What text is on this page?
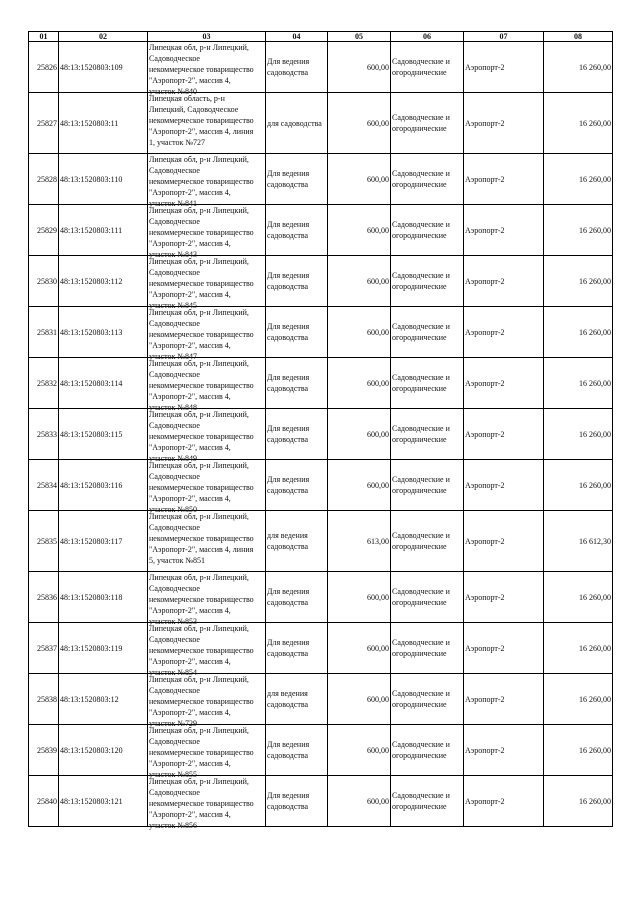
01	02	03	04	05	06	07	08
25826	48:13:1520803:109	Липецкая обл, р-н Липецкий,
Садоводческое
некоммерческое товарищество
"Аэропорт-2", массив 4,
участок №840	Для ведения
садоводства	600,00	Садоводческие и
огороднические	Аэропорт-2	16 260,00
25827	48:13:1520803:11	Липецкая область, р-н
Липецкий, Садоводческое
некоммерческое товарищество
"Аэропорт-2", массив 4, линия
1, участок №727	для садоводства	600,00	Садоводческие и
огороднические	Аэропорт-2	16 260,00
25828	48:13:1520803:110	Липецкая обл, р-н Липецкий,
Садоводческое
некоммерческое товарищество
"Аэропорт-2", массив 4,
участок №841	Для ведения
садоводства	600,00	Садоводческие и
огороднические	Аэропорт-2	16 260,00
25829	48:13:1520803:111	Липецкая обл, р-н Липецкий,
Садоводческое
некоммерческое товарищество
"Аэропорт-2", массив 4,
участок №843	Для ведения
садоводства	600,00	Садоводческие и
огороднические	Аэропорт-2	16 260,00
25830	48:13:1520803:112	Липецкая обл, р-н Липецкий,
Садоводческое
некоммерческое товарищество
"Аэропорт-2", массив 4,
участок №845	Для ведения
садоводства	600,00	Садоводческие и
огороднические	Аэропорт-2	16 260,00
25831	48:13:1520803:113	Липецкая обл, р-н Липецкий,
Садоводческое
некоммерческое товарищество
"Аэропорт-2", массив 4,
участок №847	Для ведения
садоводства	600,00	Садоводческие и
огороднические	Аэропорт-2	16 260,00
25832	48:13:1520803:114	Липецкая обл, р-н Липецкий,
Садоводческое
некоммерческое товарищество
"Аэропорт-2", массив 4,
участок №848	Для ведения
садоводства	600,00	Садоводческие и
огороднические	Аэропорт-2	16 260,00
25833	48:13:1520803:115	Липецкая обл, р-н Липецкий,
Садоводческое
некоммерческое товарищество
"Аэропорт-2", массив 4,
участок №849	Для ведения
садоводства	600,00	Садоводческие и
огороднические	Аэропорт-2	16 260,00
25834	48:13:1520803:116	Липецкая обл, р-н Липецкий,
Садоводческое
некоммерческое товарищество
"Аэропорт-2", массив 4,
участок №850	Для ведения
садоводства	600,00	Садоводческие и
огороднические	Аэропорт-2	16 260,00
25835	48:13:1520803:117	Липецкая обл, р-н Липецкий,
Садоводческое
некоммерческое товарищество
"Аэропорт-2", массив 4, линия
5, участок №851	для ведения
садоводства	613,00	Садоводческие и
огороднические	Аэропорт-2	16 612,30
25836	48:13:1520803:118	Липецкая обл, р-н Липецкий,
Садоводческое
некоммерческое товарищество
"Аэропорт-2", массив 4,
участок №853	Для ведения
садоводства	600,00	Садоводческие и
огороднические	Аэропорт-2	16 260,00
25837	48:13:1520803:119	Липецкая обл, р-н Липецкий,
Садоводческое
некоммерческое товарищество
"Аэропорт-2", массив 4,
участок №854	Для ведения
садоводства	600,00	Садоводческие и
огороднические	Аэропорт-2	16 260,00
25838	48:13:1520803:12	Липецкая обл, р-н Липецкий,
Садоводческое
некоммерческое товарищество
"Аэропорт-2", массив 4,
участок №729	для ведения
садоводства	600,00	Садоводческие и
огороднические	Аэропорт-2	16 260,00
25839	48:13:1520803:120	Липецкая обл, р-н Липецкий,
Садоводческое
некоммерческое товарищество
"Аэропорт-2", массив 4,
участок №855	Для ведения
садоводства	600,00	Садоводческие и
огороднические	Аэропорт-2	16 260,00
25840	48:13:1520803:121	Липецкая обл, р-н Липецкий,
Садоводческое
некоммерческое товарищество
"Аэропорт-2", массив 4,
участок №856	Для ведения
садоводства	600,00	Садоводческие и
огороднические	Аэропорт-2	16 260,00
